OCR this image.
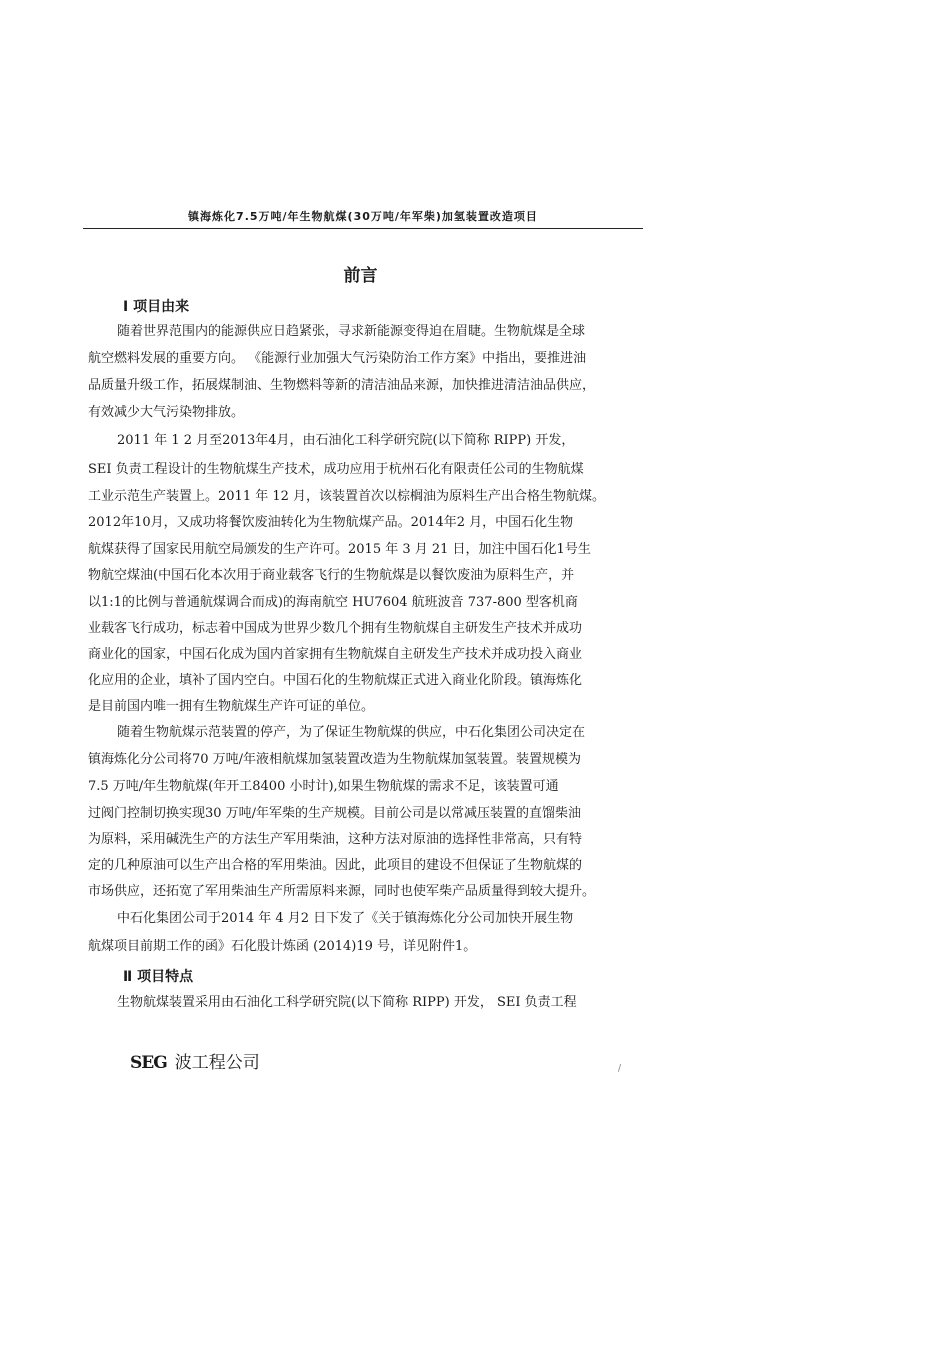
镇海炼化7.5万吨/年生物航煤(30万吨/年军柴)加氢装置改造项目
前言
Ⅰ 项目由来
随着世界范围内的能源供应日趋紧张，寻求新能源变得迫在眉睫。生物航煤是全球
航空燃料发展的重要方向。 《能源行业加强大气污染防治工作方案》中指出，要推进油
品质量升级工作，拓展煤制油、生物燃料等新的清洁油品来源，加快推进清洁油品供应，
有效减少大气污染物排放。
2011 年 1 2 月至2013年4月，由石油化工科学研究院(以下简称 RIPP) 开发，
SEI 负责工程设计的生物航煤生产技术，成功应用于杭州石化有限责任公司的生物航煤
工业示范生产装置上。2011 年 12 月，该装置首次以棕榈油为原料生产出合格生物航煤。
2012年10月，又成功将餐饮废油转化为生物航煤产品。2014年2 月，中国石化生物
航煤获得了国家民用航空局颁发的生产许可。2015 年 3 月 21 日，加注中国石化1号生
物航空煤油(中国石化本次用于商业载客飞行的生物航煤是以餐饮废油为原料生产，并
以1:1的比例与普通航煤调合而成)的海南航空 HU7604 航班波音 737-800 型客机商
业载客飞行成功，标志着中国成为世界少数几个拥有生物航煤自主研发生产技术并成功
商业化的国家，中国石化成为国内首家拥有生物航煤自主研发生产技术并成功投入商业
化应用的企业，填补了国内空白。中国石化的生物航煤正式进入商业化阶段。镇海炼化
是目前国内唯一拥有生物航煤生产许可证的单位。
随着生物航煤示范装置的停产，为了保证生物航煤的供应，中石化集团公司决定在
镇海炼化分公司将70 万吨/年液相航煤加氢装置改造为生物航煤加氢装置。装置规模为
7.5 万吨/年生物航煤(年开工8400 小时计),如果生物航煤的需求不足，该装置可通
过阀门控制切换实现30 万吨/年军柴的生产规模。目前公司是以常减压装置的直馏柴油
为原料，采用碱洗生产的方法生产军用柴油，这种方法对原油的选择性非常高，只有特
定的几种原油可以生产出合格的军用柴油。因此，此项目的建设不但保证了生物航煤的
市场供应，还拓宽了军用柴油生产所需原料来源，同时也使军柴产品质量得到较大提升。
中石化集团公司于2014 年 4 月2 日下发了《关于镇海炼化分公司加快开展生物
航煤项目前期工作的函》石化股计炼函 (2014)19 号，详见附件1。
Ⅱ 项目特点
生物航煤装置采用由石油化工科学研究院(以下简称 RIPP) 开发， SEI 负责工程
SEG 波工程公司	/
